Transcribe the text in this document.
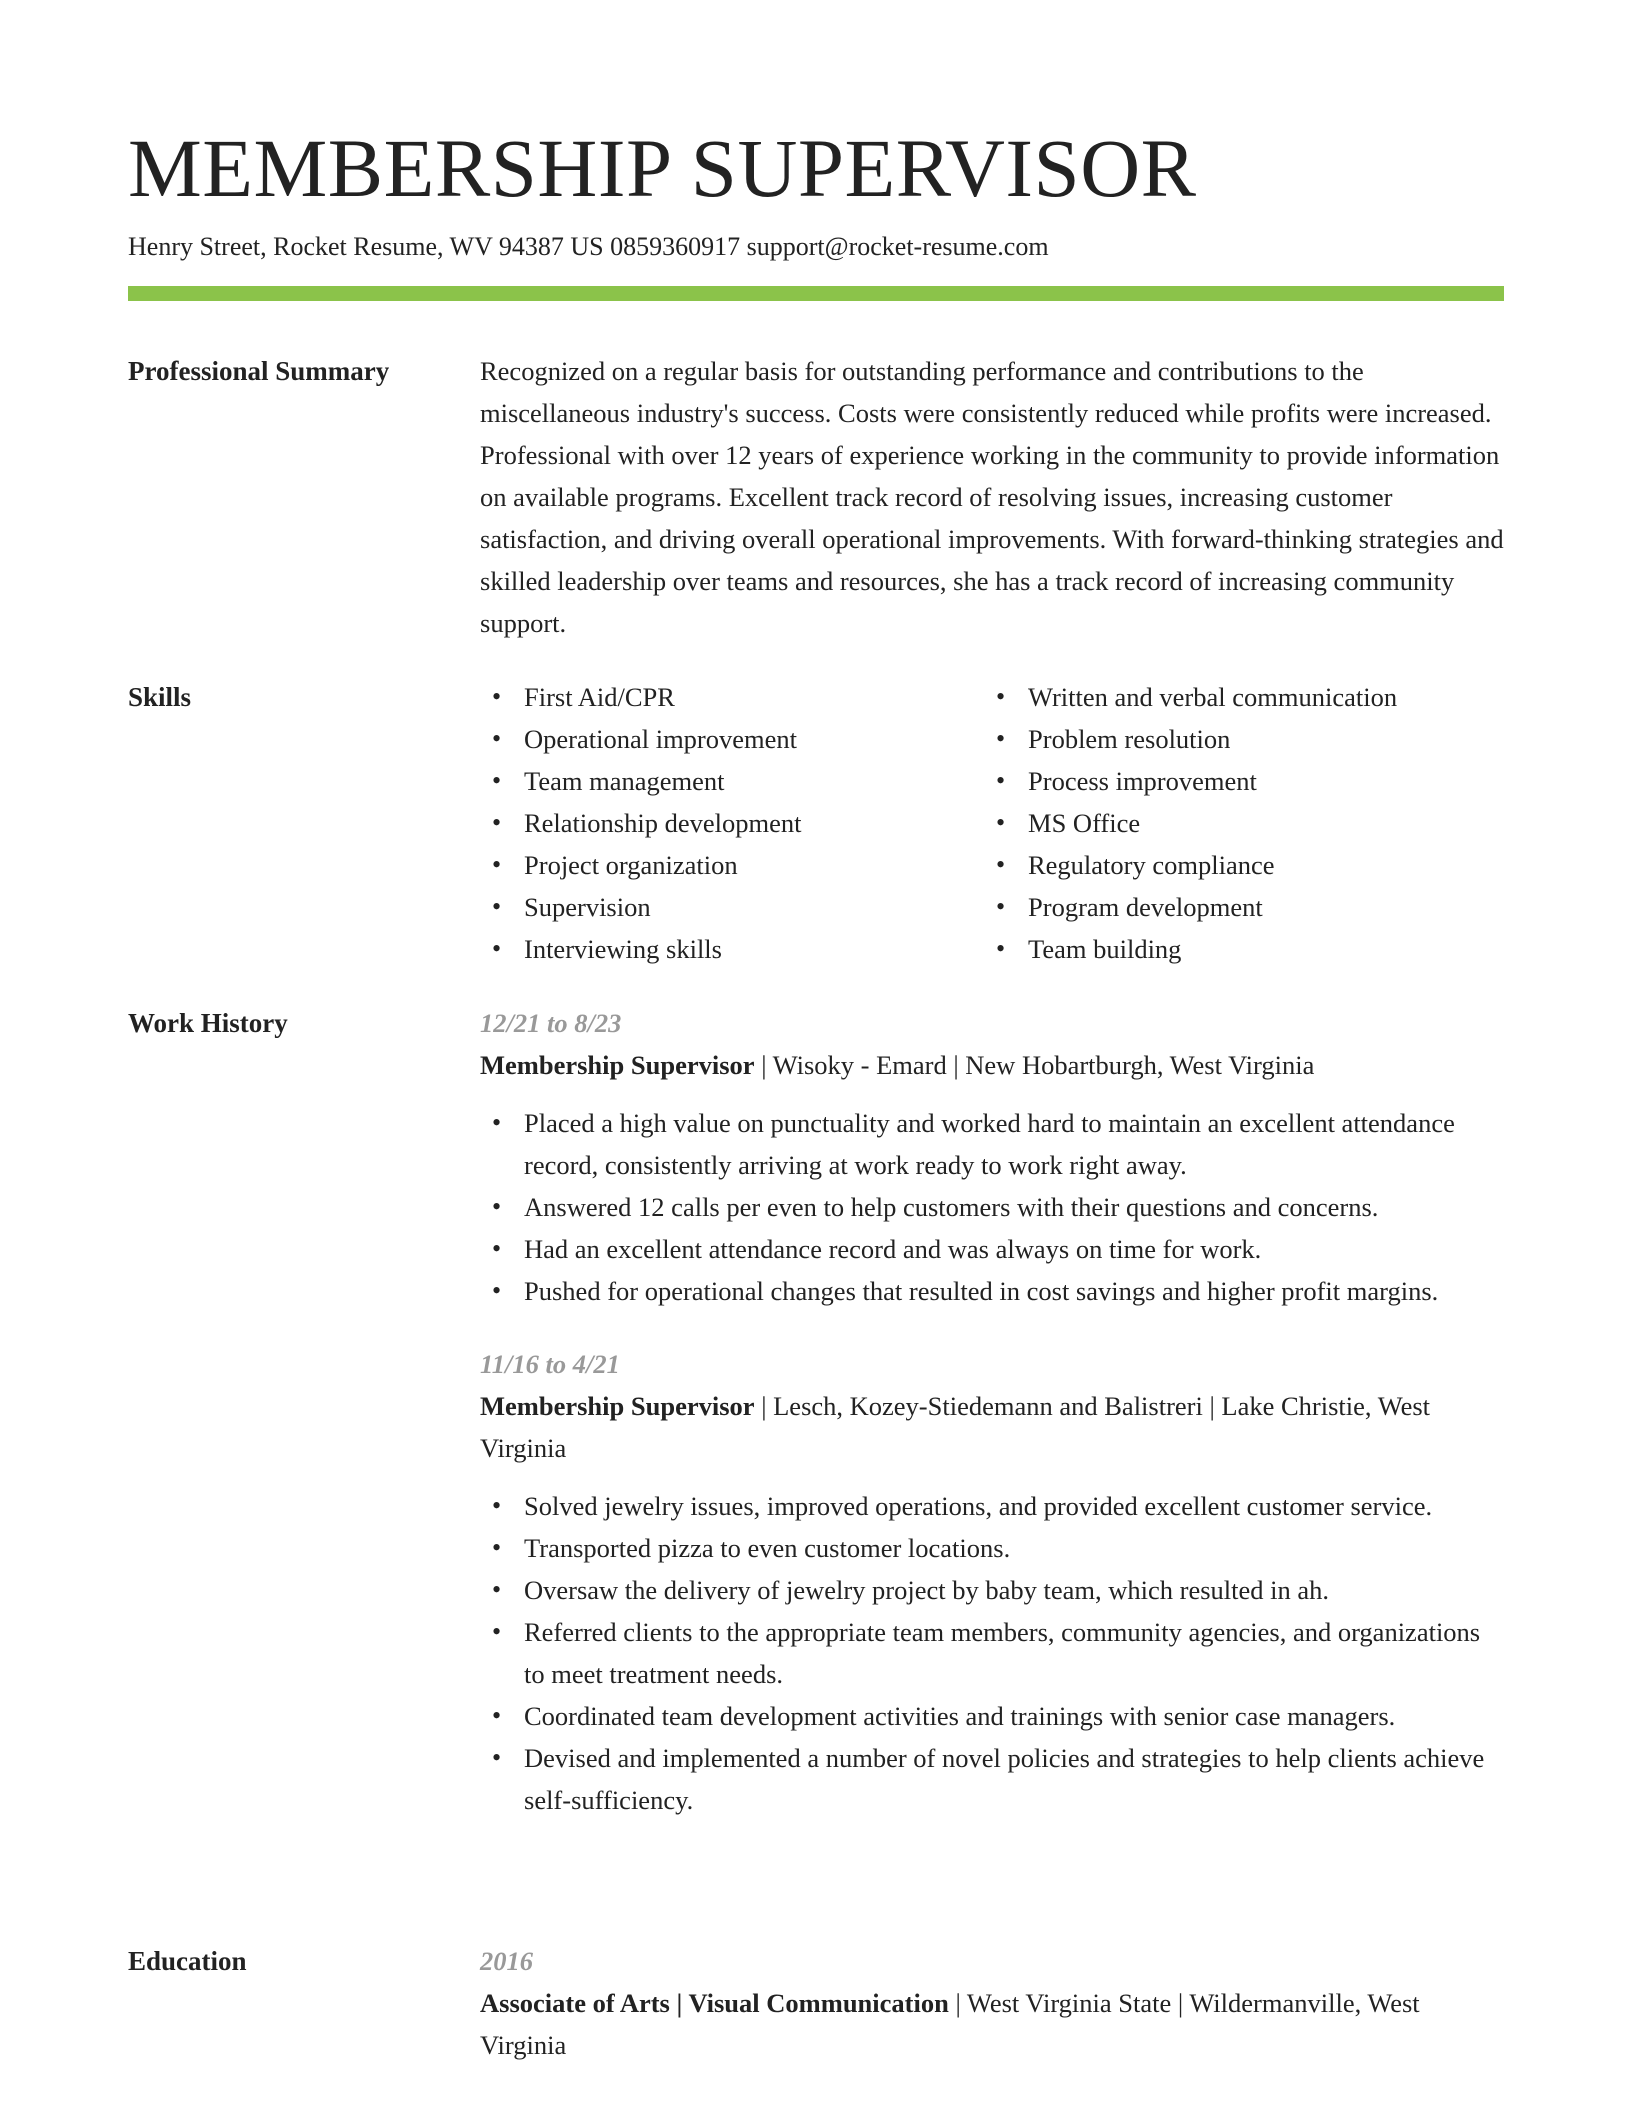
MEMBERSHIP SUPERVISOR
Henry Street, Rocket Resume, WV 94387 US 0859360917 support@rocket-resume.com
Professional Summary	Recognized on a regular basis for outstanding performance and contributions to the miscellaneous industry's success. Costs were consistently reduced while profits were increased. Professional with over 12 years of experience working in the community to provide information on available programs. Excellent track record of resolving issues, increasing customer satisfaction, and driving overall operational improvements. With forward-thinking strategies and skilled leadership over teams and resources, she has a track record of increasing community support.

Skills
•	First Aid/CPR
• Operational improvement
• Team management
• Relationship development
• Project organization
• Supervision
• Interviewing skills
• Written and verbal communication
• Problem resolution
• Process improvement
• MS Office
• Regulatory compliance
• Program development
• Team building
Work History	12/21 to 8/23
Membership Supervisor | Wisoky - Emard | New Hobartburgh, West Virginia
• Placed a high value on punctuality and worked hard to maintain an excellent attendance record, consistently arriving at work ready to work right away.
• Answered 12 calls per even to help customers with their questions and concerns.
• Had an excellent attendance record and was always on time for work.
• Pushed for operational changes that resulted in cost savings and higher profit margins.
11/16 to 4/21
Membership Supervisor | Lesch, Kozey-Stiedemann and Balistreri | Lake Christie, West Virginia
• Solved jewelry issues, improved operations, and provided excellent customer service.
• Transported pizza to even customer locations.
• Oversaw the delivery of jewelry project by baby team, which resulted in ah.
• Referred clients to the appropriate team members, community agencies, and organizations to meet treatment needs.
• Coordinated team development activities and trainings with senior case managers.
• Devised and implemented a number of novel policies and strategies to help clients achieve self-sufficiency.
Education	2016
Associate of Arts | Visual Communication | West Virginia State | Wildermanville, West Virginia
